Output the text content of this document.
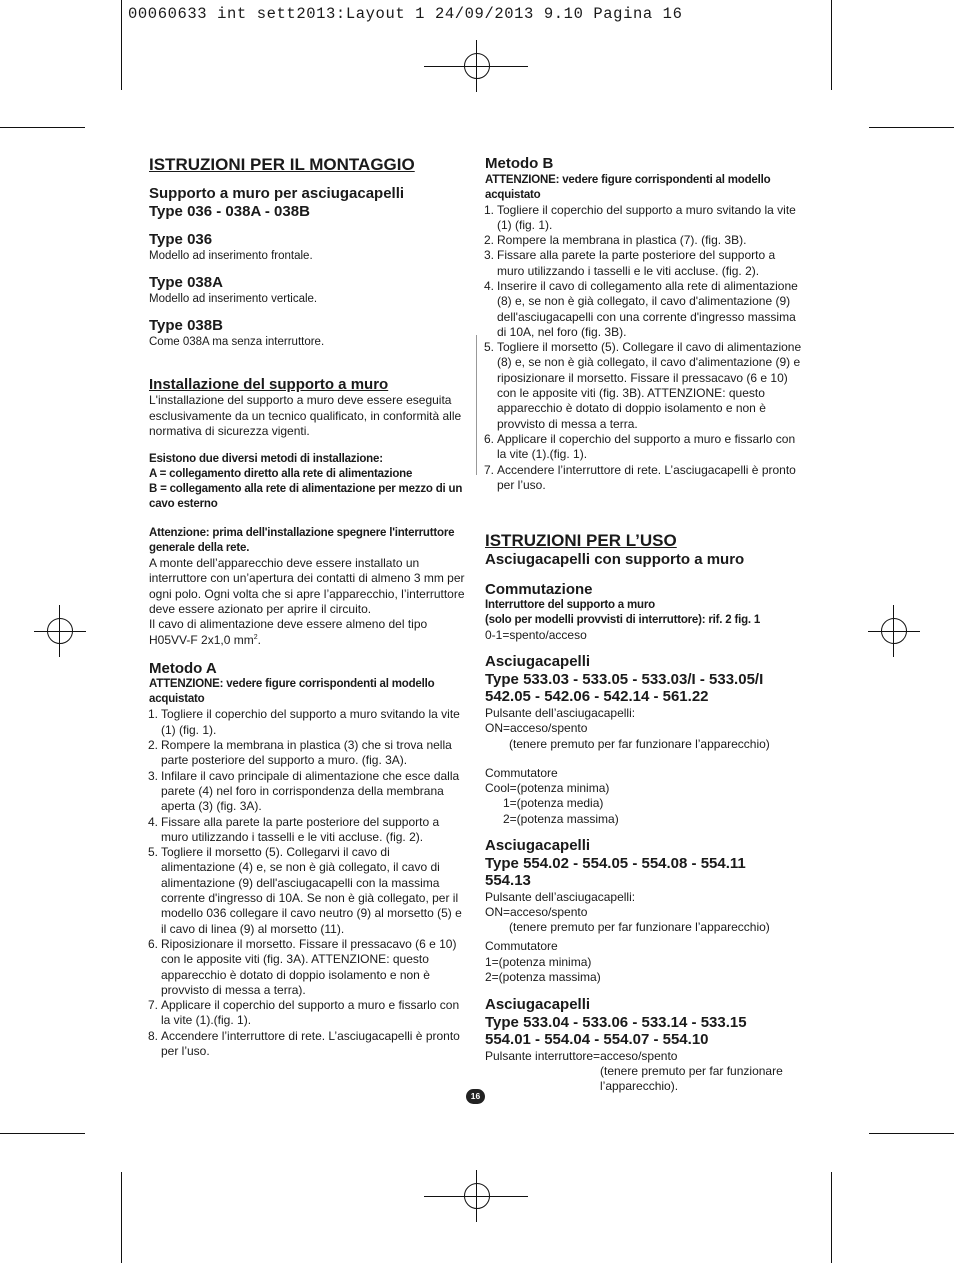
00060633 int sett2013:Layout 1 24/09/2013 9.10 Pagina 16

ISTRUZIONI PER IL MONTAGGIO

Supporto a muro per asciugacapelli

Type 036 - 038A - 038B

Type 036

Modello ad inserimento frontale.

Type 038A

Modello ad inserimento verticale.

Type 038B

Come 038A ma senza interruttore.

Installazione del supporto a muro

L'installazione del supporto a muro deve essere eseguita esclusivamente da un tecnico qualificato, in conformità alle normativa di sicurezza vigenti.

Esistono due diversi metodi di installazione:

A = collegamento diretto alla rete di alimentazione

B = collegamento alla rete di alimentazione per mezzo di un cavo esterno

Attenzione: prima dell'installazione spegnere l'interruttore generale della rete.

A monte dell’apparecchio deve essere installato un interruttore con un’apertura dei contatti di almeno 3 mm per ogni polo. Ogni volta che si apre l’apparecchio, l’interruttore deve essere azionato per aprire il circuito.

Il cavo di alimentazione deve essere almeno del tipo H05VV-F 2x1,0 $mm^2$.

Metodo A

ATTENZIONE: vedere figure corrispondenti al modello acquistato

1. Togliere il coperchio del supporto a muro svitando la vite (1) (fig. 1).
2. Rompere la membrana in plastica (3) che si trova nella parte posteriore del supporto a muro. (fig. 3A).
3. Infilare il cavo principale di alimentazione che esce dalla parete (4) nel foro in corrispondenza della membrana aperta (3) (fig. 3A).
4. Fissare alla parete la parte posteriore del supporto a muro utilizzando i tasselli e le viti accluse. (fig. 2).
5. Togliere il morsetto (5). Collegarvi il cavo di alimentazione (4) e, se non è già collegato, il cavo di alimentazione (9) dell'asciugacapelli con la massima corrente d'ingresso di 10A. Se non è già collegato, per il modello 036 collegare il cavo neutro (9) al morsetto (5) e il cavo di linea (9) al morsetto (11).
6. Riposizionare il morsetto. Fissare il pressacavo (6 e 10) con le apposite viti (fig. 3A). ATTENZIONE: questo apparecchio è dotato di doppio isolamento e non è provvisto di messa a terra).
7. Applicare il coperchio del supporto a muro e fissarlo con la vite (1).(fig. 1).
8. Accendere l’interruttore di rete. L’asciugacapelli è pronto per l’uso.

Metodo B

ATTENZIONE: vedere figure corrispondenti al modello acquistato

1. Togliere il coperchio del supporto a muro svitando la vite (1) (fig. 1).
2. Rompere la membrana in plastica (7). (fig. 3B).
3. Fissare alla parete la parte posteriore del supporto a muro utilizzando i tasselli e le viti accluse. (fig. 2).
4. Inserire il cavo di collegamento alla rete di alimentazione (8) e, se non è già collegato, il cavo d'alimentazione (9) dell'asciugacapelli con una corrente d'ingresso massima di 10A, nel foro (fig. 3B).
5. Togliere il morsetto (5). Collegare il cavo di alimentazione (8) e, se non è già collegato, il cavo d'alimentazione (9) e riposizionare il morsetto. Fissare il pressacavo (6 e 10) con le apposite viti (fig. 3B). ATTENZIONE: questo apparecchio è dotato di doppio isolamento e non è provvisto di messa a terra.
6. Applicare il coperchio del supporto a muro e fissarlo con la vite (1).(fig. 1).
7. Accendere l’interruttore di rete. L’asciugacapelli è pronto per l’uso.

ISTRUZIONI PER L’USO

Asciugacapelli con supporto a muro

Commutazione

Interruttore del supporto a muro

(solo per modelli provvisti di interruttore): rif. 2 fig. 1

0-1=spento/acceso

Asciugacapelli

Type 533.03 - 533.05 - 533.03/I - 533.05/I 542.05 - 542.06 - 542.14 - 561.22

Pulsante dell’asciugacapelli:

ON=acceso/spento

(tenere premuto per far funzionare l’apparecchio)

Commutatore

Cool=(potenza minima)

1=(potenza media)

2=(potenza massima)

Asciugacapelli

Type 554.02 - 554.05 - 554.08 - 554.11 554.13

Pulsante dell’asciugacapelli:

ON=acceso/spento

(tenere premuto per far funzionare l’apparecchio)

Commutatore

1=(potenza minima)

2=(potenza massima)

Asciugacapelli

Type 533.04 - 533.06 - 533.14 - 533.15 554.01 - 554.04 - 554.07 - 554.10

Pulsante interruttore=acceso/spento

(tenere premuto per far funzionare l’apparecchio).

16
